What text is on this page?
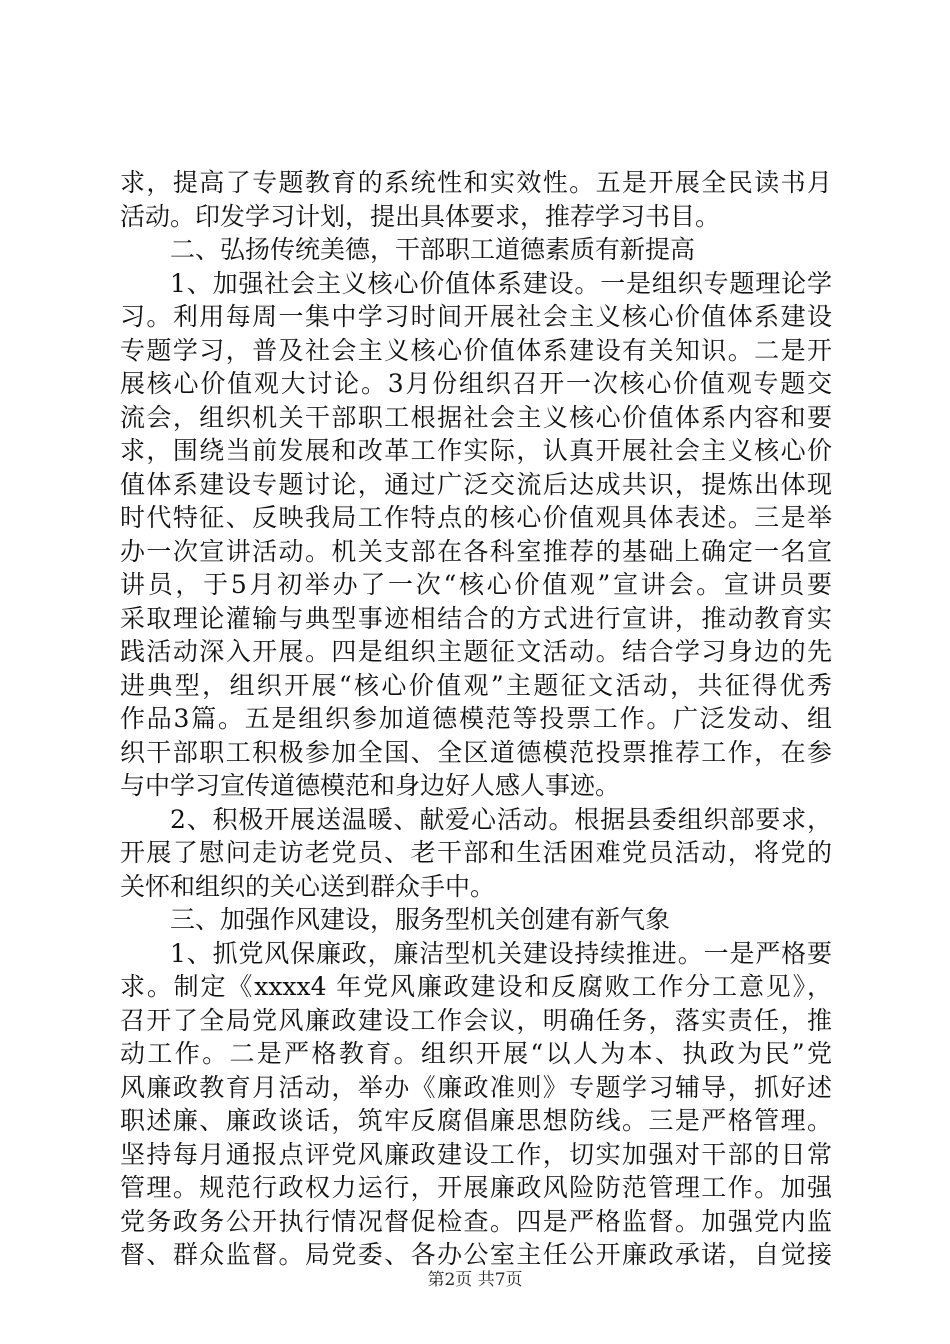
求，提高了专题教育的系统性和实效性。五是开展全民读书月
活动。印发学习计划，提出具体要求，推荐学习书目。
二、弘扬传统美德，干部职工道德素质有新提高
1、加强社会主义核心价值体系建设。一是组织专题理论学
习。利用每周一集中学习时间开展社会主义核心价值体系建设
专题学习，普及社会主义核心价值体系建设有关知识。二是开
展核心价值观大讨论。3月份组织召开一次核心价值观专题交
流会，组织机关干部职工根据社会主义核心价值体系内容和要
求，围绕当前发展和改革工作实际，认真开展社会主义核心价
值体系建设专题讨论，通过广泛交流后达成共识，提炼出体现
时代特征、反映我局工作特点的核心价值观具体表述。三是举
办一次宣讲活动。机关支部在各科室推荐的基础上确定一名宣
讲员，于5月初举办了一次“核心价值观”宣讲会。宣讲员要
采取理论灌输与典型事迹相结合的方式进行宣讲，推动教育实
践活动深入开展。四是组织主题征文活动。结合学习身边的先
进典型，组织开展“核心价值观”主题征文活动，共征得优秀
作品3篇。五是组织参加道德模范等投票工作。广泛发动、组
织干部职工积极参加全国、全区道德模范投票推荐工作，在参
与中学习宣传道德模范和身边好人感人事迹。
2、积极开展送温暖、献爱心活动。根据县委组织部要求，
开展了慰问走访老党员、老干部和生活困难党员活动，将党的
关怀和组织的关心送到群众手中。
三、加强作风建设，服务型机关创建有新气象
1、抓党风保廉政，廉洁型机关建设持续推进。一是严格要
求。制定《xxxx4 年党风廉政建设和反腐败工作分工意见》，
召开了全局党风廉政建设工作会议，明确任务，落实责任，推
动工作。二是严格教育。组织开展“以人为本、执政为民”党
风廉政教育月活动，举办《廉政准则》专题学习辅导，抓好述
职述廉、廉政谈话，筑牢反腐倡廉思想防线。三是严格管理。
坚持每月通报点评党风廉政建设工作，切实加强对干部的日常
管理。规范行政权力运行，开展廉政风险防范管理工作。加强
党务政务公开执行情况督促检查。四是严格监督。加强党内监
督、群众监督。局党委、各办公室主任公开廉政承诺，自觉接
第2页 共7页
